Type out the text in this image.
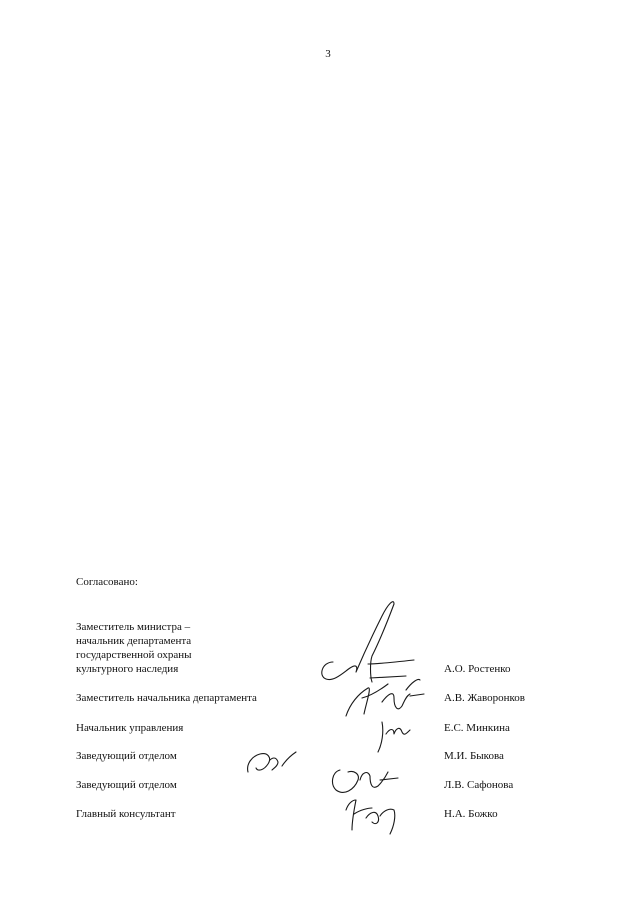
3
Согласовано:
Заместитель министра –
начальник департамента
государственной охраны
культурного наследия	А.О. Ростенко
Заместитель начальника департамента	А.В. Жаворонков
Начальник управления	Е.С. Минкина
Заведующий отделом	М.И. Быкова
Заведующий отделом	Л.В. Сафонова
Главный консультант	Н.А. Божко
